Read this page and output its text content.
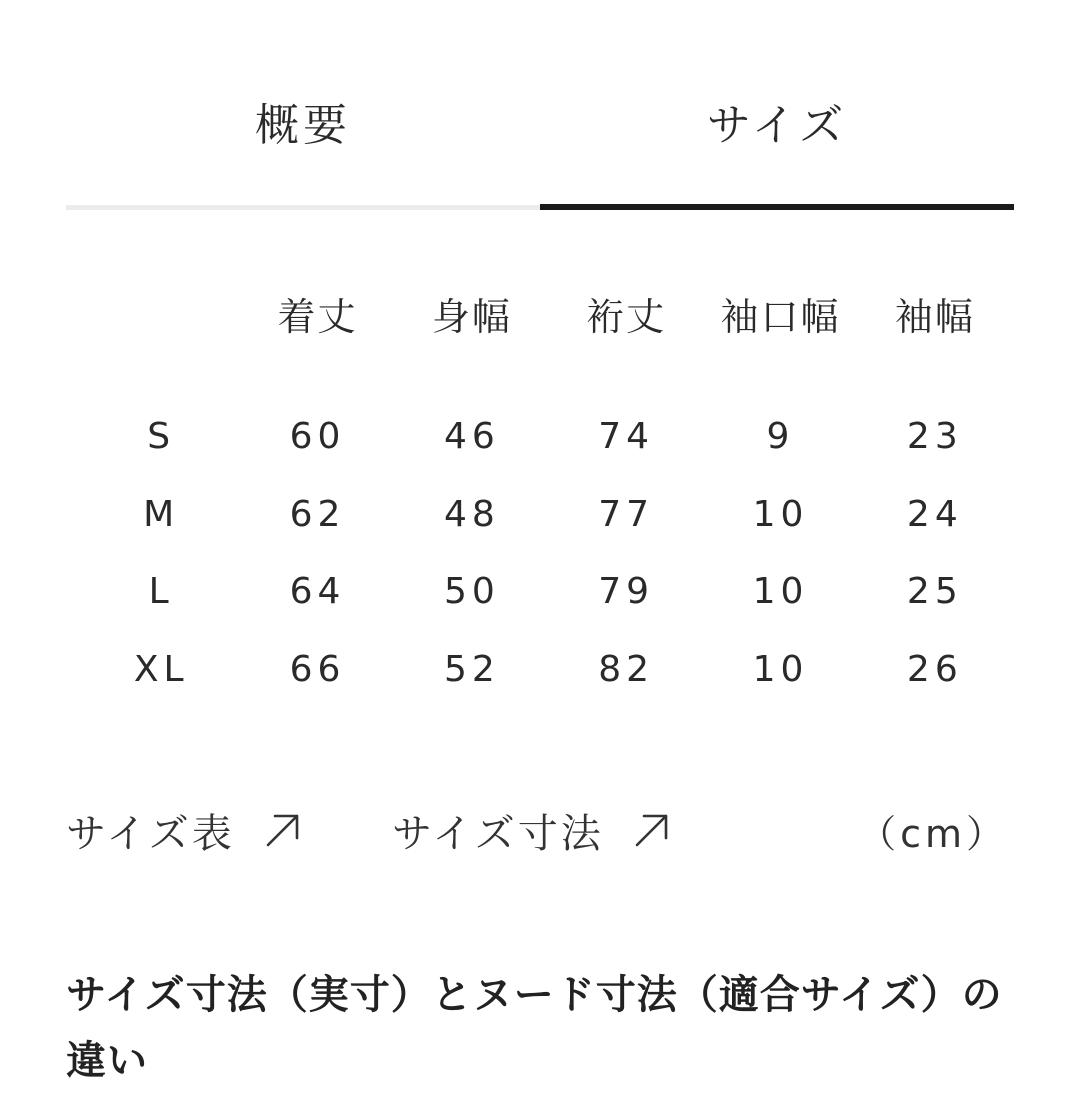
概要	サイズ
	着丈	身幅	裄丈	袖口幅	袖幅

S	60	46	74	9	23
M	62	48	77	10	24
L	64	50	79	10	25
XL	66	52	82	10	26
サイズ表	サイズ寸法	（cm）
サイズ寸法（実寸）とヌード寸法（適合サイズ）の違い
